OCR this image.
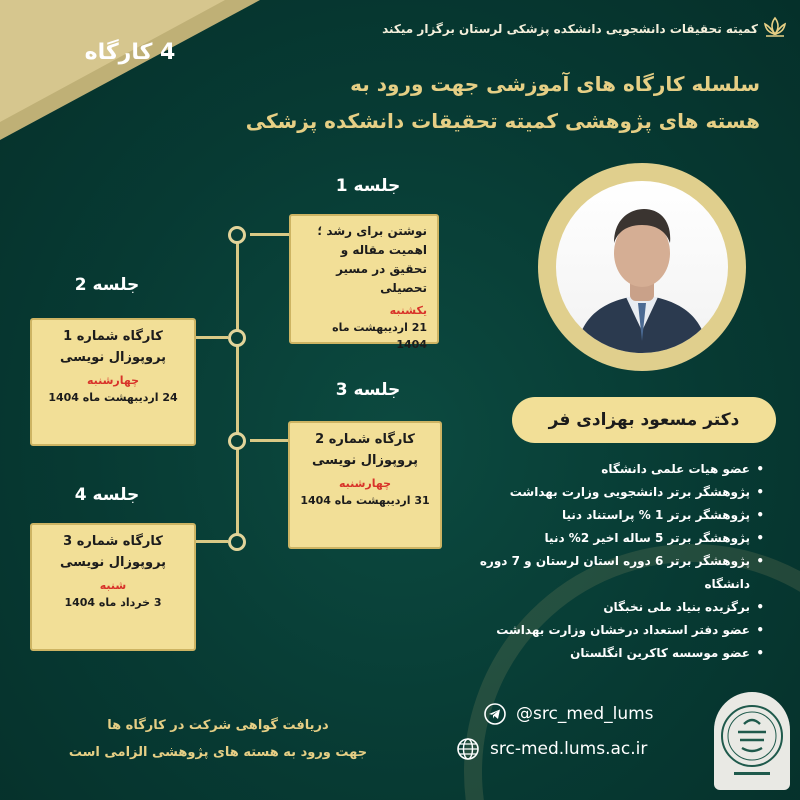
4 کارگاه
کمیته تحقیقات دانشجویی دانشکده پزشکی لرستان برگزار میکند
سلسله کارگاه های آموزشی جهت ورود به
هسته های پژوهشی کمیته تحقیقات دانشکده پزشکی
جلسه 1
جلسه 2
جلسه 3
جلسه 4
نوشتن برای رشد ؛ اهمیت مقاله و تحقیق در مسیر تحصیلی
یکشنبه
21 اردیبهشت ماه 1404
کارگاه شماره 1 پروپوزال نویسی
چهارشنبه
24 اردیبهشت ماه 1404
کارگاه شماره 2 پروپوزال نویسی
چهارشنبه
31 اردیبهشت ماه 1404
کارگاه شماره 3 پروپوزال نویسی
شنبه
3 خرداد ماه 1404
دکتر مسعود بهزادی فر
• عضو هیات علمی دانشگاه
• پژوهشگر برتر دانشجویی وزارت بهداشت
• پژوهشگر برتر 1 % پراستناد دنیا
• پژوهشگر برتر 5 ساله اخیر 2% دنیا
• پژوهشگر برتر 6 دوره استان لرستان و 7 دوره دانشگاه
• برگزیده بنیاد ملی نخبگان
• عضو دفتر استعداد درخشان وزارت بهداشت
• عضو موسسه کاکرین انگلستان
دریافت گواهی شرکت در کارگاه ها
جهت ورود به هسته های پژوهشی الزامی است
@src_med_lums
src-med.lums.ac.ir
